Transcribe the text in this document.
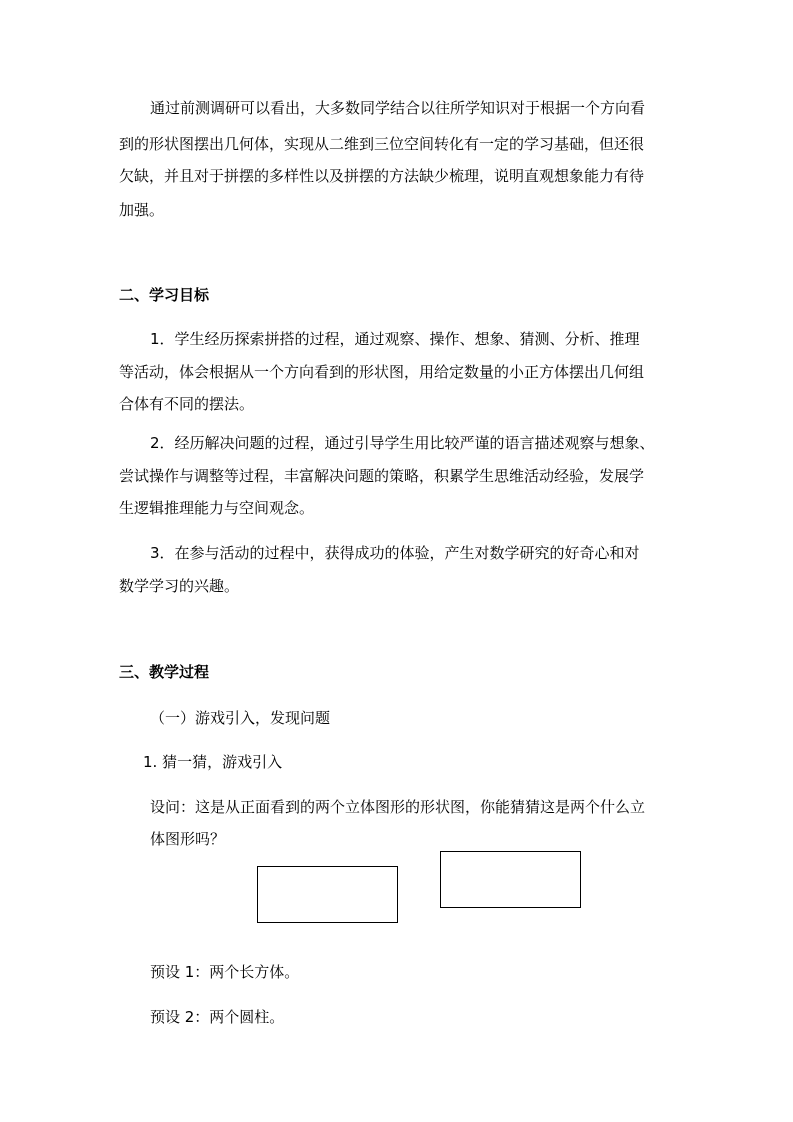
通过前测调研可以看出，大多数同学结合以往所学知识对于根据一个方向看
到的形状图摆出几何体，实现从二维到三位空间转化有一定的学习基础，但还很
欠缺，并且对于拼摆的多样性以及拼摆的方法缺少梳理，说明直观想象能力有待
加强。
二、学习目标
1．学生经历探索拼搭的过程，通过观察、操作、想象、猜测、分析、推理
等活动，体会根据从一个方向看到的形状图，用给定数量的小正方体摆出几何组
合体有不同的摆法。
2．经历解决问题的过程，通过引导学生用比较严谨的语言描述观察与想象、
尝试操作与调整等过程，丰富解决问题的策略，积累学生思维活动经验，发展学
生逻辑推理能力与空间观念。
3．在参与活动的过程中，获得成功的体验，产生对数学研究的好奇心和对
数学学习的兴趣。
三、教学过程
（一）游戏引入，发现问题
1. 猜一猜，游戏引入
设问：这是从正面看到的两个立体图形的形状图，你能猜猜这是两个什么立
体图形吗？
预设 1：两个长方体。
预设 2：两个圆柱。
